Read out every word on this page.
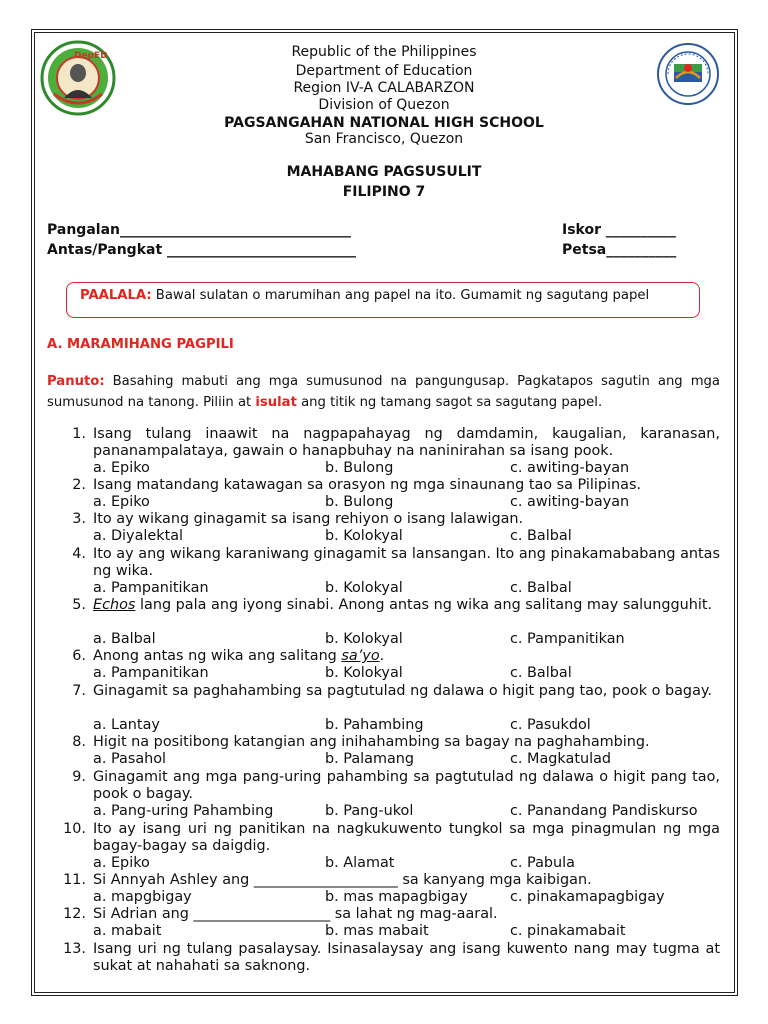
DepED	Republic of the Philippines
Department of Education
Region IV-A CALABARZON
Division of Quezon
PAGSANGAHAN NATIONAL HIGH SCHOOL
San Francisco, Quezon
MAHABANG PAGSUSULIT
FILIPINO 7
Pangalan_________________________________	Iskor __________
Antas/Pangkat ___________________________	Petsa__________
PAALALA: Bawal sulatan o marumihan ang papel na ito. Gumamit ng sagutang papel
A. MARAMIHANG PAGPILI
Panuto: Basahing mabuti ang mga sumusunod na pangungusap. Pagkatapos sagutin ang mga sumusunod na tanong. Piliin at isulat ang titik ng tamang sagot sa sagutang papel.
1. Isang tulang inaawit na nagpapahayag ng damdamin, kaugalian, karanasan, pananampalataya, gawain o hanapbuhay na naninirahan sa isang pook.
a. Epiko	b. Bulong	c. awiting-bayan
2. Isang matandang katawagan sa orasyon ng mga sinaunang tao sa Pilipinas.
a. Epiko	b. Bulong	c. awiting-bayan
3. Ito ay wikang ginagamit sa isang rehiyon o isang lalawigan.
a. Diyalektal	b. Kolokyal	c. Balbal
4. Ito ay ang wikang karaniwang ginagamit sa lansangan. Ito ang pinakamababang antas ng wika.
a. Pampanitikan	b. Kolokyal	c. Balbal
5. Echos lang pala ang iyong sinabi. Anong antas ng wika ang salitang may salungguhit.
a. Balbal	b. Kolokyal	c. Pampanitikan
6. Anong antas ng wika ang salitang sa’yo.
a. Pampanitikan	b. Kolokyal	c. Balbal
7. Ginagamit sa paghahambing sa pagtutulad ng dalawa o higit pang tao, pook o bagay.
a. Lantay	b. Pahambing	c. Pasukdol
8. Higit na positibong katangian ang inihahambing sa bagay na paghahambing.
a. Pasahol	b. Palamang	c. Magkatulad
9. Ginagamit ang mga pang-uring pahambing sa pagtutulad ng dalawa o higit pang tao, pook o bagay.
a. Pang-uring Pahambing	b. Pang-ukol	c. Panandang Pandiskurso
10. Ito ay isang uri ng panitikan na nagkukuwento tungkol sa mga pinagmulan ng mga bagay-bagay sa daigdig.
a. Epiko	b. Alamat	c. Pabula
11. Si Annyah Ashley ang ____________________ sa kanyang mga kaibigan.
a. mapgbigay	b. mas mapagbigay	c. pinakamapagbigay
12. Si Adrian ang ___________________ sa lahat ng mag-aaral.
a. mabait	b. mas mabait	c. pinakamabait
13. Isang uri ng tulang pasalaysay. Isinasalaysay ang isang kuwento nang may tugma at sukat at nahahati sa saknong.
